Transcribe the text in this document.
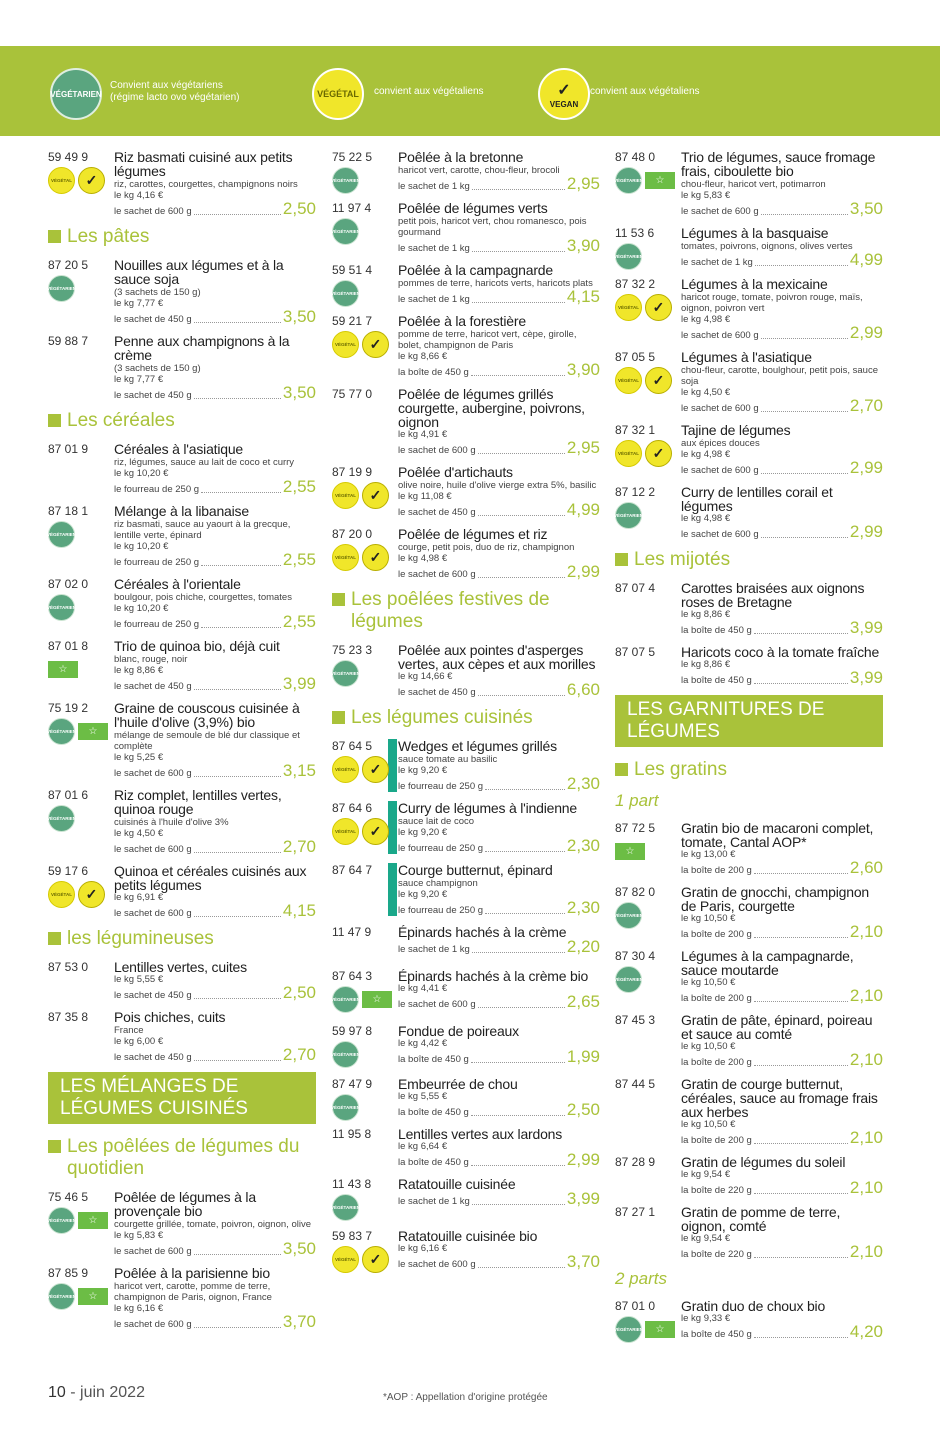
VÉGÉTARIEN
Convient aux végétariens
(régime lacto ovo végétarien)	VÉGÉTAL convient aux végétaliens	✓
VEGAN
convient aux végétaliens
59 49 9
VÉGÉTAL ✓
Riz basmati cuisiné aux petits légumes
riz, carottes, courgettes, champignons noirs
le kg 4,16 €
le sachet de 600 g	2,50
Les pâtes
87 20 5
VÉGÉTARIEN
Nouilles aux légumes et à la sauce soja
(3 sachets de 150 g)
le kg 7,77 €
le sachet de 450 g	3,50
59 88 7 Penne aux champignons à la crème
(3 sachets de 150 g)
le kg 7,77 €
le sachet de 450 g	3,50
Les céréales
87 01 9 Céréales à l'asiatique
riz, légumes, sauce au lait de coco et curry
le kg 10,20 €
le fourreau de 250 g	2,55
87 18 1
VÉGÉTARIEN
Mélange à la libanaise
riz basmati, sauce au yaourt à la grecque, lentille verte, épinard
le kg 10,20 €
le fourreau de 250 g	2,55
87 02 0
VÉGÉTARIEN
Céréales à l'orientale
boulgour, pois chiche, courgettes, tomates
le kg 10,20 €
le fourreau de 250 g	2,55
87 01 8
☆
Trio de quinoa bio, déjà cuit
blanc, rouge, noir
le kg 8,86 €
le sachet de 450 g	3,99
75 19 2
VÉGÉTARIEN	☆
Graine de couscous cuisinée à l'huile d'olive (3,9%) bio
mélange de semoule de blé dur classique et complète
le kg 5,25 €
le sachet de 600 g	3,15
87 01 6
VÉGÉTARIEN
Riz complet, lentilles vertes, quinoa rouge
cuisinés à l'huile d'olive 3%
le kg 4,50 €
le sachet de 600 g	2,70
59 17 6
VÉGÉTAL ✓
Quinoa et céréales cuisinés aux petits légumes
le kg 6,91 €
le sachet de 600 g	4,15
les légumineuses
87 53 0 Lentilles vertes, cuites
le kg 5,55 €
le sachet de 450 g	2,50
87 35 8 Pois chiches, cuits
France
le kg 6,00 €
le sachet de 450 g	2,70
LES MÉLANGES DE LÉGUMES CUISINÉS
Les poêlées de légumes du quotidien
75 46 5
VÉGÉTARIEN	☆
Poêlée de légumes à la provençale bio
courgette grillée, tomate, poivron, oignon, olive
le kg 5,83 €
le sachet de 600 g	3,50
87 85 9
VÉGÉTARIEN	☆
Poêlée à la parisienne bio
haricot vert, carotte, pomme de terre, champignon de Paris, oignon, France
le kg 6,16 €
le sachet de 600 g	3,70
75 22 5
VÉGÉTARIEN
Poêlée à la bretonne
haricot vert, carotte, chou-fleur, brocoli
le sachet de 1 kg	2,95
11 97 4
VÉGÉTARIEN
Poêlée de légumes verts
petit pois, haricot vert, chou romanesco, pois gourmand
le sachet de 1 kg	3,90
59 51 4
VÉGÉTARIEN
Poêlée à la campagnarde
pommes de terre, haricots verts, haricots plats
le sachet de 1 kg	4,15
59 21 7
VÉGÉTAL ✓
Poêlée à la forestière
pomme de terre, haricot vert, cèpe, girolle, bolet, champignon de Paris
le kg 8,66 €
la boîte de 450 g	3,90
75 77 0 Poêlée de légumes grillés courgette, aubergine, poivrons, oignon
le kg 4,91 €
le sachet de 600 g	2,95
87 19 9
VÉGÉTAL ✓
Poêlée d'artichauts
olive noire, huile d'olive vierge extra 5%, basilic
le kg 11,08 €
le sachet de 450 g	4,99
87 20 0
VÉGÉTAL ✓
Poêlée de légumes et riz
courge, petit pois, duo de riz, champignon
le kg 4,98 €
le sachet de 600 g	2,99
Les poêlées festives de légumes
75 23 3
VÉGÉTARIEN
Poêlée aux pointes d'asperges vertes, aux cèpes et aux morilles
le kg 14,66 €
le sachet de 450 g	6,60
Les légumes cuisinés
87 64 5
VÉGÉTAL ✓
Wedges et légumes grillés
sauce tomate au basilic
le kg 9,20 €
le fourreau de 250 g	2,30
87 64 6
VÉGÉTAL ✓
Curry de légumes à l'indienne
sauce lait de coco
le kg 9,20 €
le fourreau de 250 g	2,30
87 64 7 Courge butternut, épinard
sauce champignon
le kg 9,20 €
le fourreau de 250 g	2,30
11 47 9 Épinards hachés à la crème
le sachet de 1 kg	2,20
87 64 3
VÉGÉTARIEN	☆
Épinards hachés à la crème bio
le kg 4,41 €
le sachet de 600 g	2,65
59 97 8
VÉGÉTARIEN
Fondue de poireaux
le kg 4,42 €
la boîte de 450 g	1,99
87 47 9
VÉGÉTARIEN
Embeurrée de chou
le kg 5,55 €
la boîte de 450 g	2,50
11 95 8 Lentilles vertes aux lardons
le kg 6,64 €
la boîte de 450 g	2,99
11 43 8
VÉGÉTARIEN
Ratatouille cuisinée
le sachet de 1 kg	3,99
59 83 7
VÉGÉTAL ✓
Ratatouille cuisinée bio
le kg 6,16 €
le sachet de 600 g	3,70
87 48 0
VÉGÉTARIEN	☆
Trio de légumes, sauce fromage frais, ciboulette bio
chou-fleur, haricot vert, potimarron
le kg 5,83 €
le sachet de 600 g	3,50
11 53 6
VÉGÉTARIEN
Légumes à la basquaise
tomates, poivrons, oignons, olives vertes
le sachet de 1 kg	4,99
87 32 2
VÉGÉTAL ✓
Légumes à la mexicaine
haricot rouge, tomate, poivron rouge, maïs, oignon, poivron vert
le kg 4,98 €
le sachet de 600 g	2,99
87 05 5
VÉGÉTAL ✓
Légumes à l'asiatique
chou-fleur, carotte, boulghour, petit pois, sauce soja
le kg 4,50 €
le sachet de 600 g	2,70
87 32 1
VÉGÉTAL ✓
Tajine de légumes
aux épices douces
le kg 4,98 €
le sachet de 600 g	2,99
87 12 2
VÉGÉTARIEN
Curry de lentilles corail et légumes
le kg 4,98 €
le sachet de 600 g	2,99
Les mijotés
87 07 4 Carottes braisées aux oignons roses de Bretagne
le kg 8,86 €
la boîte de 450 g	3,99
87 07 5 Haricots coco à la tomate fraîche
le kg 8,86 €
la boîte de 450 g	3,99
LES GARNITURES DE LÉGUMES
Les gratins
1 part
87 72 5
☆
Gratin bio de macaroni complet, tomate, Cantal AOP*
le kg 13,00 €
la boîte de 200 g	2,60
87 82 0
VÉGÉTARIEN
Gratin de gnocchi, champignon de Paris, courgette
le kg 10,50 €
la boîte de 200 g	2,10
87 30 4
VÉGÉTARIEN
Légumes à la campagnarde, sauce moutarde
le kg 10,50 €
la boîte de 200 g	2,10
87 45 3 Gratin de pâte, épinard, poireau et sauce au comté
le kg 10,50 €
la boîte de 200 g	2,10
87 44 5 Gratin de courge butternut, céréales, sauce au fromage frais aux herbes
le kg 10,50 €
la boîte de 200 g	2,10
87 28 9 Gratin de légumes du soleil
le kg 9,54 €
la boîte de 220 g	2,10
87 27 1 Gratin de pomme de terre, oignon, comté
le kg 9,54 €
la boîte de 220 g	2,10
2 parts
87 01 0
VÉGÉTARIEN	☆
Gratin duo de choux bio
le kg 9,33 €
la boîte de 450 g	4,20
10 - juin 2022	*AOP : Appellation d'origine protégée
